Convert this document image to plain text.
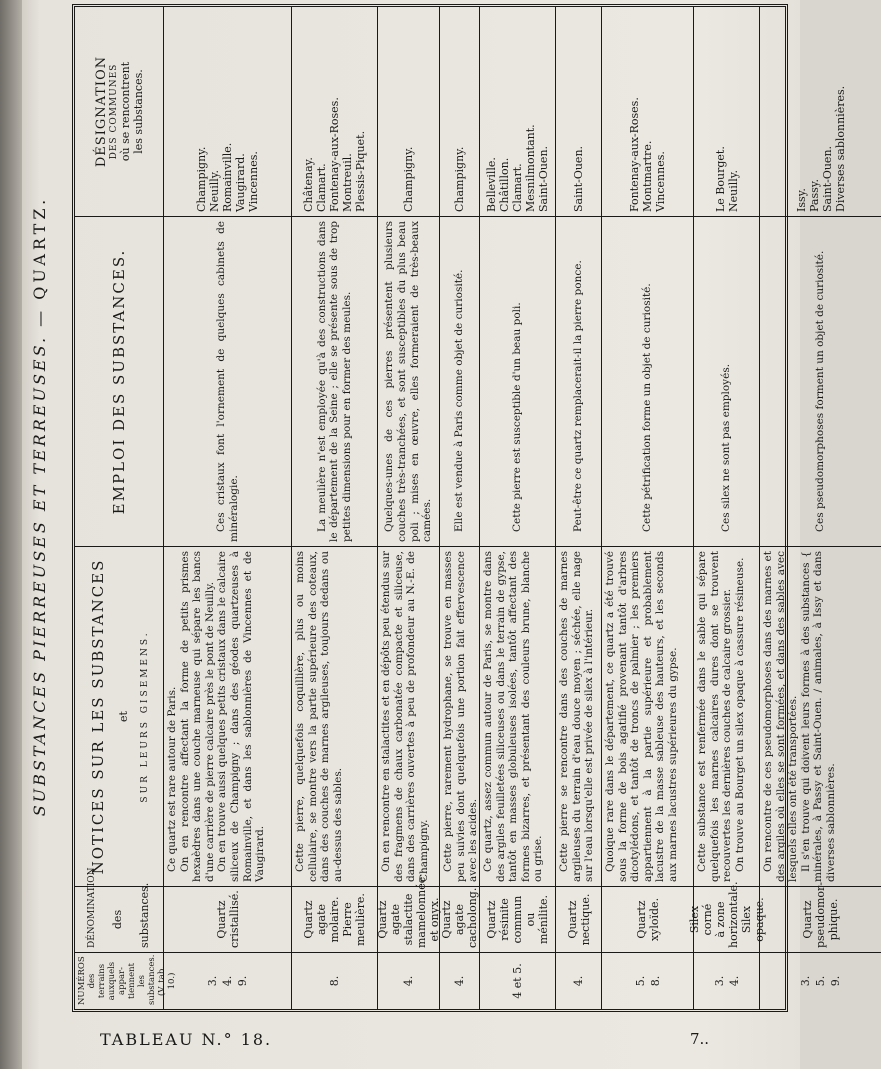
SUBSTANCES PIERREUSES ET TERREUSES. — QUARTZ.
NUMÉROS des terrains auxquels appar- tiennent les substances. (V. tab. 10.)
DÉNOMINATION des substances.
NOTICES SUR LES SUBSTANCES et SUR LEURS GISEMENS.
EMPLOI DES SUBSTANCES.
DÉSIGNATION DES COMMUNES où se rencontrent les substances.
3. 4. 9.
Quartz cristallisé.

Ce quartz est rare autour de Paris. On en rencontre affectant la forme de petits prismes hexaèdres dans une couche marneuse qui sépare les bancs d'une carrière de pierre calcaire près le pont de Neuilly. On en trouve aussi quelques petits cristaux dans le calcaire siliceux de Champigny ; dans des géodes quartzeuses à Romainville, et dans les sablonnières de Vincennes et de Vaugirard.

Ces cristaux font l'ornement de quelques cabinets de minéralogie.

Champigny. Neuilly. Romainville. Vaugirard. Vincennes.
8.
Quartz agate molaire. Pierre meulière.

Cette pierre, quelquefois coquillière, plus ou moins cellulaire, se montre vers la partie supérieure des coteaux, dans des couches de marnes argileuses, toujours dedans ou au-dessus des sables.

La meulière n'est employée qu'à des constructions dans le département de la Seine ; elle se présente sous de trop petites dimensions pour en former des meules.

Châtenay. Clamart. Fontenay-aux-Roses. Montreuil. Plessis-Piquet.
4.
Quartz agate stalactite mamelonnée et onyx.

On en rencontre en stalactites et en dépôts peu étendus sur des fragmens de chaux carbonatée compacte et siliceuse, dans des carrières ouvertes à peu de profondeur au N.-E. de Champigny.

Quelques-unes de ces pierres présentent plusieurs couches très-tranchées, et sont susceptibles du plus beau poli ; mises en œuvre, elles formeraient de très-beaux camées.

Champigny.
4.
Quartz agate cacholong.

Cette pierre, rarement hydrophane, se trouve en masses peu suivies dont quelquefois une portion fait effervescence avec les acides.

Elle est vendue à Paris comme objet de curiosité.

Champigny.
4 et 5.
Quartz résinite commun ou ménilite.

Ce quartz, assez commun autour de Paris, se montre dans des argiles feuilletées siliceuses ou dans le terrain de gypse, tantôt en masses globuleuses isolées, tantôt affectant des formes bizarres, et présentant des couleurs brune, blanche ou grise.

Cette pierre est susceptible d'un beau poli.

Belleville. Châtillon. Clamart. Mesnilmontant. Saint-Ouen.
4.
Quartz nectique.

Cette pierre se rencontre dans des couches de marnes argileuses du terrain d'eau douce moyen ; séchée, elle nage sur l'eau lorsqu'elle est privée de silex à l'intérieur.

Peut-être ce quartz remplacerait-il la pierre ponce.

Saint-Ouen.
5. 8.
Quartz xyloïde.

Quoique rare dans le département, ce quartz a été trouvé sous la forme de bois agatifié provenant tantôt d'arbres dicotylédons, et tantôt de troncs de palmier ; les premiers appartiennent à la partie supérieure et probablement lacustre de la masse sableuse des hauteurs, et les seconds aux marnes lacustres supérieures du gypse.

Cette pétrification forme un objet de curiosité.

Fontenay-aux-Roses. Montmartre. Vincennes.
3. 4.
Silex corné à zone horizontale. Silex opaque.

Cette substance est renfermée dans le sable qui sépare quelquefois les marnes calcaires dures dont se trouvent recouvertes les dernières couches de calcaire grossier. On trouve au Bourget un silex opaque à cassure résineuse.

Ces silex ne sont pas employés.

Le Bourget. Neuilly.
3. 5. 9.
Quartz pseudomor- phique.

On rencontre de ces pseudomorphoses dans des marnes et des argiles où elles se sont formées, et dans des sables avec lesquels elles ont été transportées. Il s'en trouve qui doivent leurs formes à des substances { minérales, à Passy et Saint-Ouen. / animales, à Issy et dans diverses sablonnières.

Ces pseudomorphoses forment un objet de curiosité.

Issy. Passy. Saint-Ouen. Diverses sablonnières.
TABLEAU N.° 18.	7..
